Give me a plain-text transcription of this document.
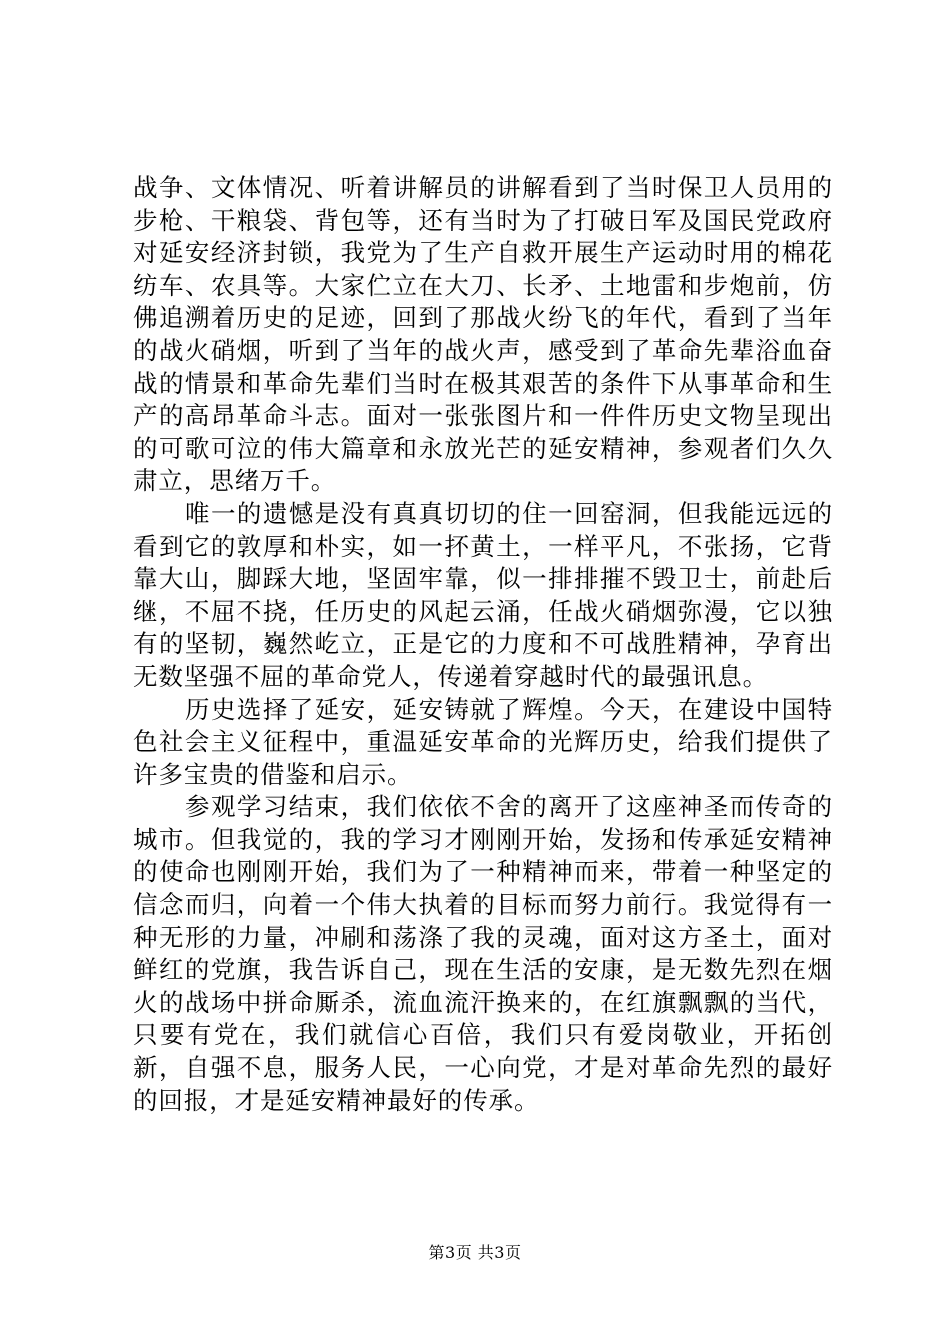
战争、文体情况、听着讲解员的讲解看到了当时保卫人员用的步枪、干粮袋、背包等，还有当时为了打破日军及国民党政府对延安经济封锁，我党为了生产自救开展生产运动时用的棉花纺车、农具等。大家伫立在大刀、长矛、土地雷和步炮前，仿佛追溯着历史的足迹，回到了那战火纷飞的年代，看到了当年的战火硝烟，听到了当年的战火声，感受到了革命先辈浴血奋战的情景和革命先辈们当时在极其艰苦的条件下从事革命和生产的高昂革命斗志。面对一张张图片和一件件历史文物呈现出的可歌可泣的伟大篇章和永放光芒的延安精神，参观者们久久肃立，思绪万千。

唯一的遗憾是没有真真切切的住一回窑洞，但我能远远的看到它的敦厚和朴实，如一抔黄土，一样平凡，不张扬，它背靠大山，脚踩大地，坚固牢靠，似一排排摧不毁卫士，前赴后继，不屈不挠，任历史的风起云涌，任战火硝烟弥漫，它以独有的坚韧，巍然屹立，正是它的力度和不可战胜精神，孕育出无数坚强不屈的革命党人，传递着穿越时代的最强讯息。

历史选择了延安，延安铸就了辉煌。今天，在建设中国特色社会主义征程中，重温延安革命的光辉历史，给我们提供了许多宝贵的借鉴和启示。

参观学习结束，我们依依不舍的离开了这座神圣而传奇的城市。但我觉的，我的学习才刚刚开始，发扬和传承延安精神的使命也刚刚开始，我们为了一种精神而来，带着一种坚定的信念而归，向着一个伟大执着的目标而努力前行。我觉得有一种无形的力量，冲刷和荡涤了我的灵魂，面对这方圣土，面对鲜红的党旗，我告诉自己，现在生活的安康，是无数先烈在烟火的战场中拼命厮杀，流血流汗换来的，在红旗飘飘的当代，只要有党在，我们就信心百倍，我们只有爱岗敬业，开拓创新，自强不息，服务人民，一心向党，才是对革命先烈的最好的回报，才是延安精神最好的传承。

第3页 共3页
